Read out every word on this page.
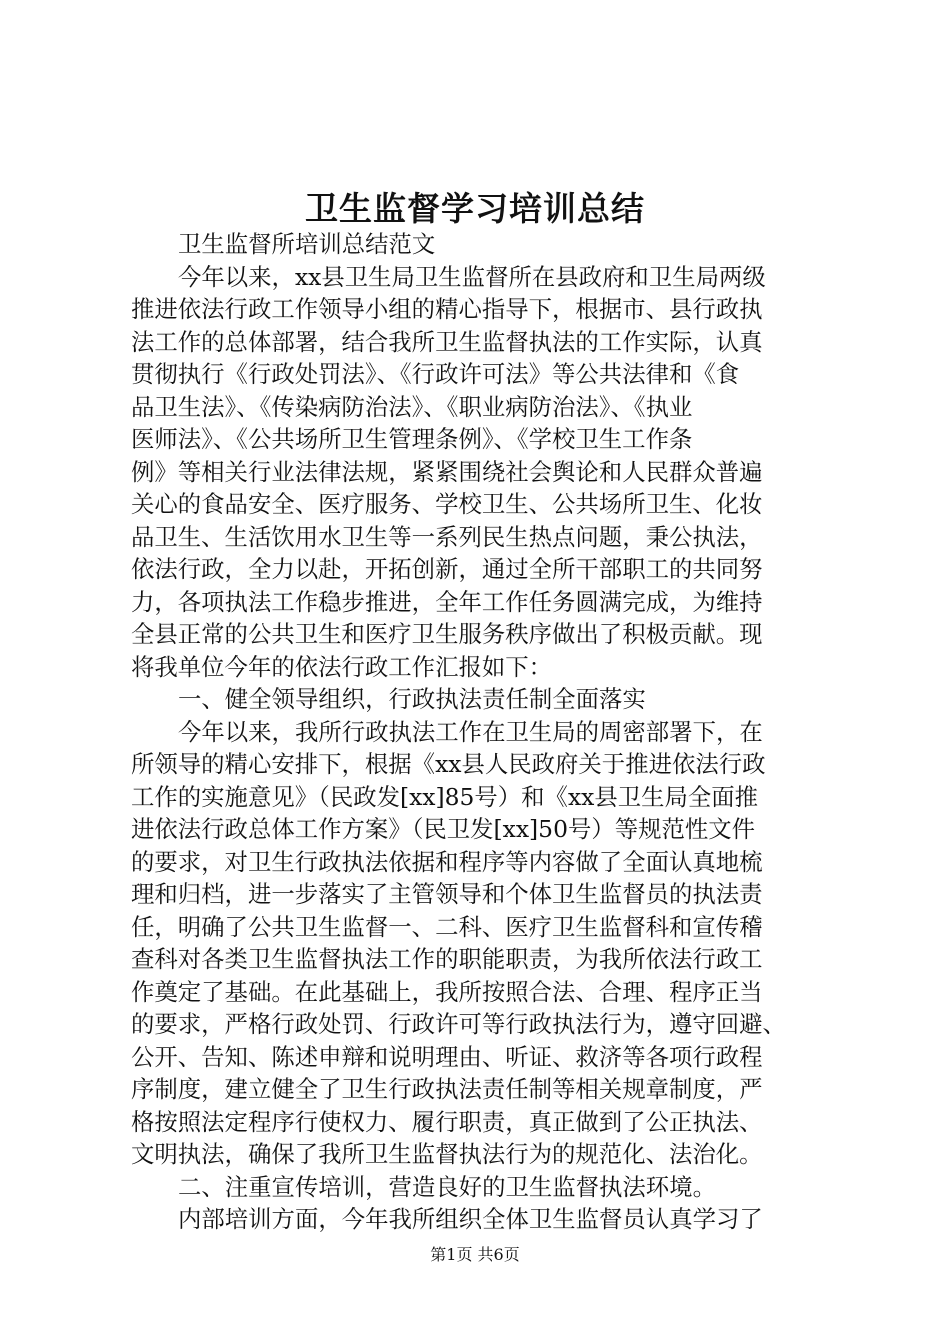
卫生监督学习培训总结
卫生监督所培训总结范文
今年以来，xx县卫生局卫生监督所在县政府和卫生局两级
推进依法行政工作领导小组的精心指导下，根据市、县行政执
法工作的总体部署，结合我所卫生监督执法的工作实际，认真
贯彻执行《行政处罚法》、《行政许可法》等公共法律和《食
品卫生法》、《传染病防治法》、《职业病防治法》、《执业
医师法》、《公共场所卫生管理条例》、《学校卫生工作条
例》等相关行业法律法规，紧紧围绕社会舆论和人民群众普遍
关心的食品安全、医疗服务、学校卫生、公共场所卫生、化妆
品卫生、生活饮用水卫生等一系列民生热点问题，秉公执法，
依法行政，全力以赴，开拓创新，通过全所干部职工的共同努
力，各项执法工作稳步推进，全年工作任务圆满完成，为维持
全县正常的公共卫生和医疗卫生服务秩序做出了积极贡献。现
将我单位今年的依法行政工作汇报如下：
一、健全领导组织，行政执法责任制全面落实
今年以来，我所行政执法工作在卫生局的周密部署下，在
所领导的精心安排下，根据《xx县人民政府关于推进依法行政
工作的实施意见》（民政发[xx]85号）和《xx县卫生局全面推
进依法行政总体工作方案》（民卫发[xx]50号）等规范性文件
的要求，对卫生行政执法依据和程序等内容做了全面认真地梳
理和归档，进一步落实了主管领导和个体卫生监督员的执法责
任，明确了公共卫生监督一、二科、医疗卫生监督科和宣传稽
查科对各类卫生监督执法工作的职能职责，为我所依法行政工
作奠定了基础。在此基础上，我所按照合法、合理、程序正当
的要求，严格行政处罚、行政许可等行政执法行为，遵守回避、
公开、告知、陈述申辩和说明理由、听证、救济等各项行政程
序制度，建立健全了卫生行政执法责任制等相关规章制度，严
格按照法定程序行使权力、履行职责，真正做到了公正执法、
文明执法，确保了我所卫生监督执法行为的规范化、法治化。
二、注重宣传培训，营造良好的卫生监督执法环境。
内部培训方面，今年我所组织全体卫生监督员认真学习了
第1页 共6页
